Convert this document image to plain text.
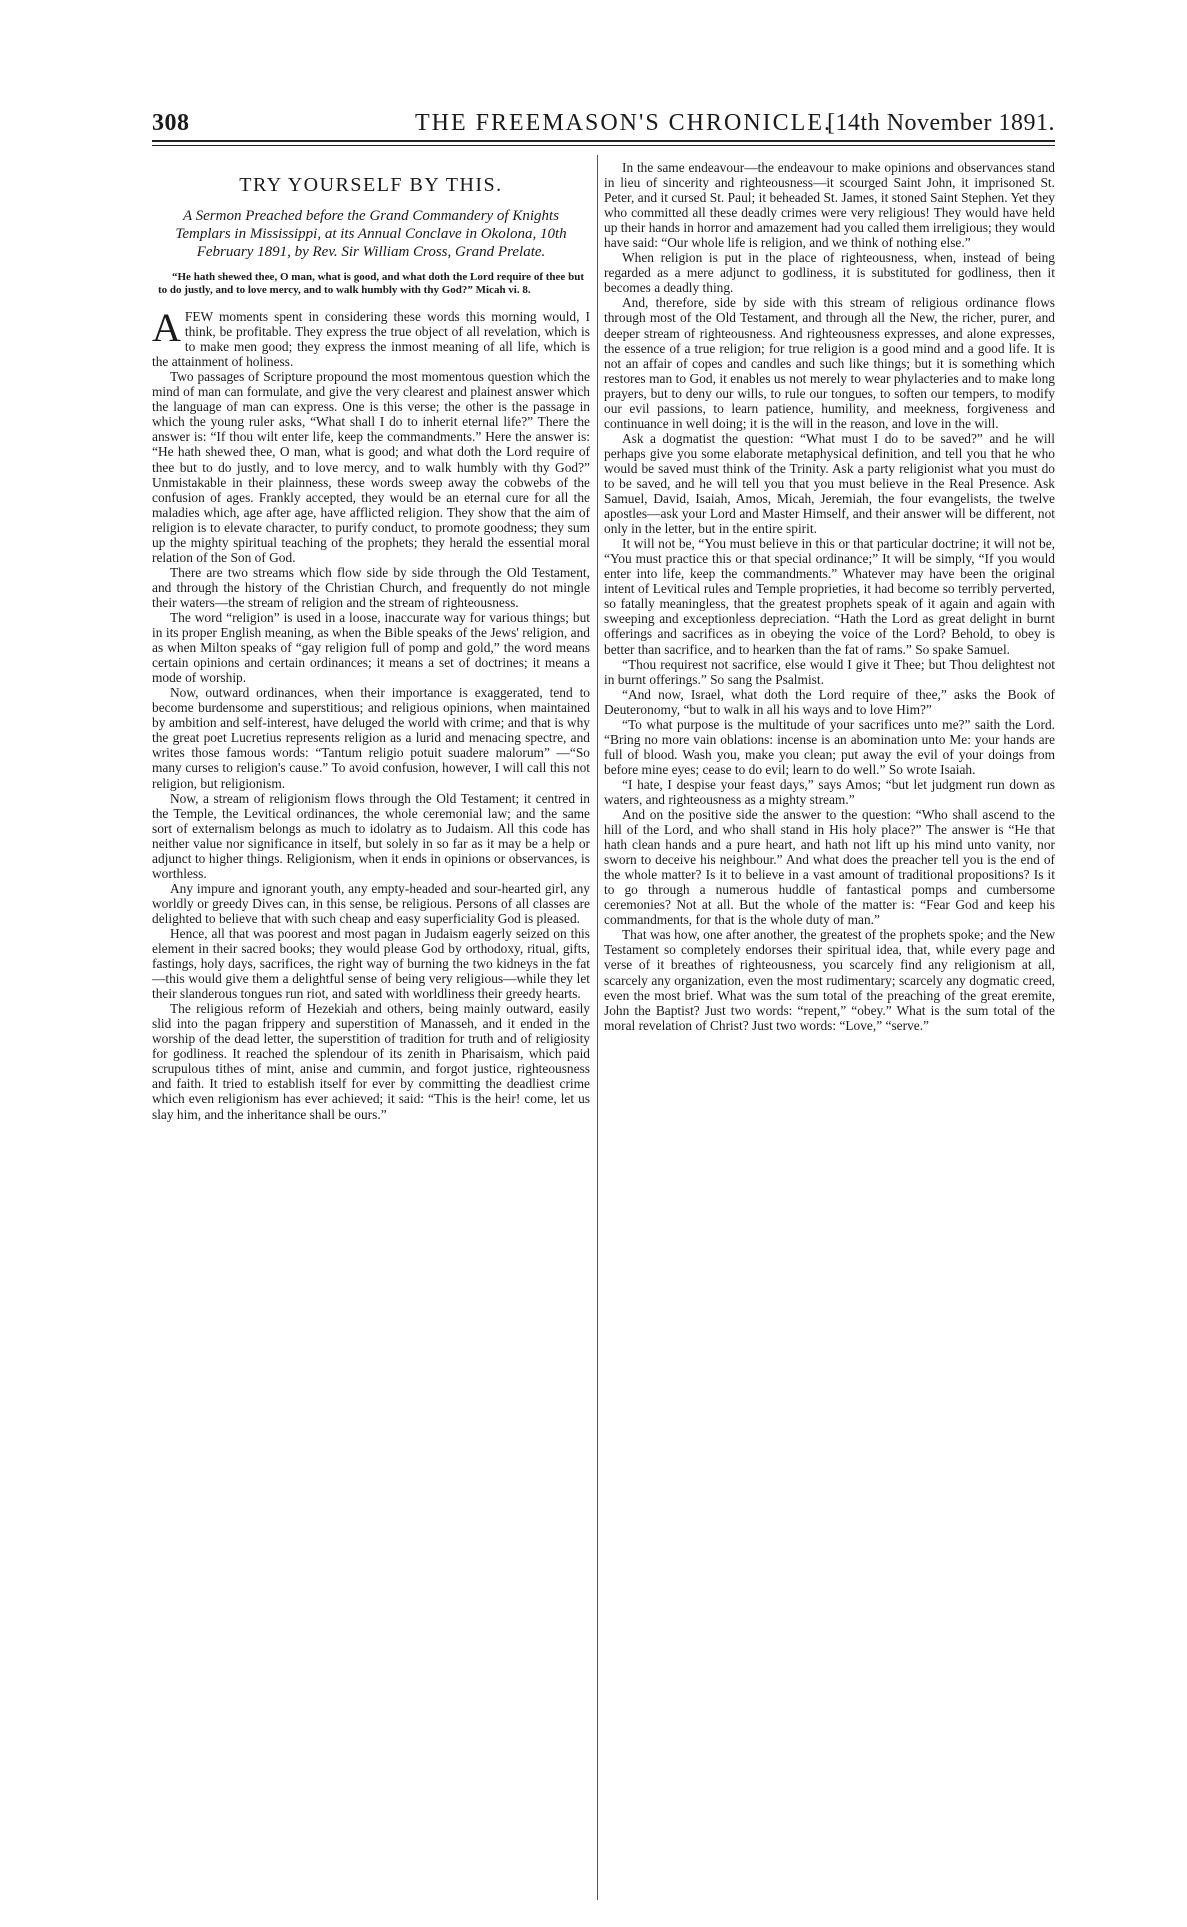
308	THE FREEMASON'S CHRONICLE.
[14th November 1891.
TRY YOURSELF BY THIS.
A Sermon Preached before the Grand Commandery of Knights Templars in Mississippi, at its Annual Conclave in Okolona, 10th February 1891, by Rev. Sir William Cross, Grand Prelate.
“He hath shewed thee, O man, what is good, and what doth the Lord require of thee but to do justly, and to love mercy, and to walk humbly with thy God?” Micah vi. 8.

AFEW moments spent in considering these words this morning would, I think, be profitable. They express the true object of all revelation, which is to make men good; they express the inmost meaning of all life, which is the attainment of holiness.

Two passages of Scripture propound the most momentous question which the mind of man can formulate, and give the very clearest and plainest answer which the language of man can express. One is this verse; the other is the passage in which the young ruler asks, “What shall I do to inherit eternal life?” There the answer is: “If thou wilt enter life, keep the commandments.” Here the answer is: “He hath shewed thee, O man, what is good; and what doth the Lord require of thee but to do justly, and to love mercy, and to walk humbly with thy God?” Unmistakable in their plainness, these words sweep away the cobwebs of the confusion of ages. Frankly accepted, they would be an eternal cure for all the maladies which, age after age, have afflicted religion. They show that the aim of religion is to elevate character, to purify conduct, to promote goodness; they sum up the mighty spiritual teaching of the prophets; they herald the essential moral relation of the Son of God.

There are two streams which flow side by side through the Old Testament, and through the history of the Christian Church, and frequently do not mingle their waters—the stream of religion and the stream of righteousness.

The word “religion” is used in a loose, inaccurate way for various things; but in its proper English meaning, as when the Bible speaks of the Jews' religion, and as when Milton speaks of “gay religion full of pomp and gold,” the word means certain opinions and certain ordinances; it means a set of doctrines; it means a mode of worship.

Now, outward ordinances, when their importance is exaggerated, tend to become burdensome and superstitious; and religious opinions, when maintained by ambition and self-interest, have deluged the world with crime; and that is why the great poet Lucretius represents religion as a lurid and menacing spectre, and writes those famous words: “Tantum religio potuit suadere malorum” —“So many curses to religion's cause.” To avoid confusion, however, I will call this not religion, but religionism.

Now, a stream of religionism flows through the Old Testament; it centred in the Temple, the Levitical ordinances, the whole ceremonial law; and the same sort of externalism belongs as much to idolatry as to Judaism. All this code has neither value nor significance in itself, but solely in so far as it may be a help or adjunct to higher things. Religionism, when it ends in opinions or observances, is worthless.

Any impure and ignorant youth, any empty-headed and sour-hearted girl, any worldly or greedy Dives can, in this sense, be religious. Persons of all classes are delighted to believe that with such cheap and easy superficiality God is pleased.

Hence, all that was poorest and most pagan in Judaism eagerly seized on this element in their sacred books; they would please God by orthodoxy, ritual, gifts, fastings, holy days, sacrifices, the right way of burning the two kidneys in the fat—this would give them a delightful sense of being very religious—while they let their slanderous tongues run riot, and sated with worldliness their greedy hearts.

The religious reform of Hezekiah and others, being mainly outward, easily slid into the pagan frippery and superstition of Manasseh, and it ended in the worship of the dead letter, the superstition of tradition for truth and of religiosity for godliness. It reached the splendour of its zenith in Pharisaism, which paid scrupulous tithes of mint, anise and cummin, and forgot justice, righteousness and faith. It tried to establish itself for ever by committing the deadliest crime which even religionism has ever achieved; it said: “This is the heir! come, let us slay him, and the inheritance shall be ours.”

In the same endeavour—the endeavour to make opinions and observances stand in lieu of sincerity and righteousness—it scourged Saint John, it imprisoned St. Peter, and it cursed St. Paul; it beheaded St. James, it stoned Saint Stephen. Yet they who committed all these deadly crimes were very religious! They would have held up their hands in horror and amazement had you called them irreligious; they would have said: “Our whole life is religion, and we think of nothing else.”

When religion is put in the place of righteousness, when, instead of being regarded as a mere adjunct to godliness, it is substituted for godliness, then it becomes a deadly thing.

And, therefore, side by side with this stream of religious ordinance flows through most of the Old Testament, and through all the New, the richer, purer, and deeper stream of righteousness. And righteousness expresses, and alone expresses, the essence of a true religion; for true religion is a good mind and a good life. It is not an affair of copes and candles and such like things; but it is something which restores man to God, it enables us not merely to wear phylacteries and to make long prayers, but to deny our wills, to rule our tongues, to soften our tempers, to modify our evil passions, to learn patience, humility, and meekness, forgiveness and continuance in well doing; it is the will in the reason, and love in the will.

Ask a dogmatist the question: “What must I do to be saved?” and he will perhaps give you some elaborate metaphysical definition, and tell you that he who would be saved must think of the Trinity. Ask a party religionist what you must do to be saved, and he will tell you that you must believe in the Real Presence. Ask Samuel, David, Isaiah, Amos, Micah, Jeremiah, the four evangelists, the twelve apostles—ask your Lord and Master Himself, and their answer will be different, not only in the letter, but in the entire spirit.

It will not be, “You must believe in this or that particular doctrine; it will not be, “You must practice this or that special ordinance;” It will be simply, “If you would enter into life, keep the commandments.” Whatever may have been the original intent of Levitical rules and Temple proprieties, it had become so terribly perverted, so fatally meaningless, that the greatest prophets speak of it again and again with sweeping and exceptionless depreciation. “Hath the Lord as great delight in burnt offerings and sacrifices as in obeying the voice of the Lord? Behold, to obey is better than sacrifice, and to hearken than the fat of rams.” So spake Samuel.

“Thou requirest not sacrifice, else would I give it Thee; but Thou delightest not in burnt offerings.” So sang the Psalmist.

“And now, Israel, what doth the Lord require of thee,” asks the Book of Deuteronomy, “but to walk in all his ways and to love Him?”

“To what purpose is the multitude of your sacrifices unto me?” saith the Lord. “Bring no more vain oblations: incense is an abomination unto Me: your hands are full of blood. Wash you, make you clean; put away the evil of your doings from before mine eyes; cease to do evil; learn to do well.” So wrote Isaiah.

“I hate, I despise your feast days,” says Amos; “but let judgment run down as waters, and righteousness as a mighty stream.”

And on the positive side the answer to the question: “Who shall ascend to the hill of the Lord, and who shall stand in His holy place?” The answer is “He that hath clean hands and a pure heart, and hath not lift up his mind unto vanity, nor sworn to deceive his neighbour.” And what does the preacher tell you is the end of the whole matter? Is it to believe in a vast amount of traditional propositions? Is it to go through a numerous huddle of fantastical pomps and cumbersome ceremonies? Not at all. But the whole of the matter is: “Fear God and keep his commandments, for that is the whole duty of man.”

That was how, one after another, the greatest of the prophets spoke; and the New Testament so completely endorses their spiritual idea, that, while every page and verse of it breathes of righteousness, you scarcely find any religionism at all, scarcely any organization, even the most rudimentary; scarcely any dogmatic creed, even the most brief. What was the sum total of the preaching of the great eremite, John the Baptist? Just two words: “repent,” “obey.” What is the sum total of the moral revelation of Christ? Just two words: “Love,” “serve.”
